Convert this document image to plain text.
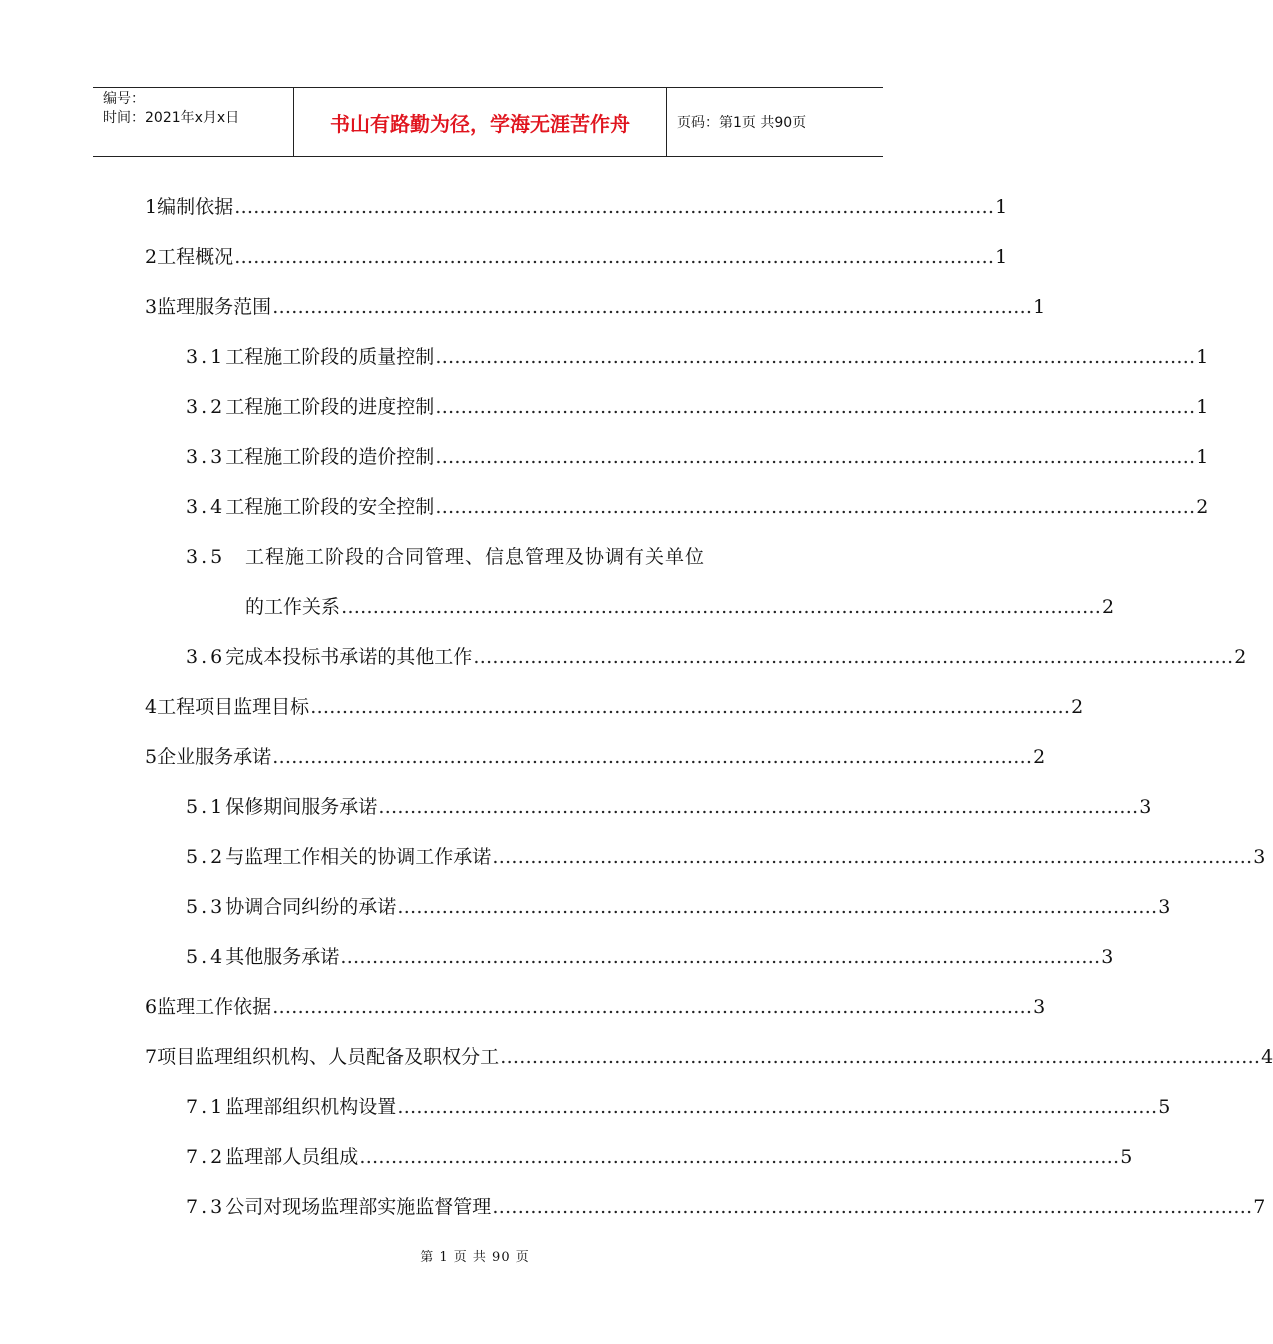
编号：
时间：2021年x月x日	书山有路勤为径，学海无涯苦作舟	页码：第1页 共90页
1 编制依据 ………………………………………………………………………………………………………… 1
2 工程概况 ………………………………………………………………………………………………………… 1
3 监理服务范围 ………………………………………………………………………………………………………… 1
3.1 工程施工阶段的质量控制 ………………………………………………………………………………………………………… 1
3.2 工程施工阶段的进度控制 ………………………………………………………………………………………………………… 1
3.3 工程施工阶段的造价控制 ………………………………………………………………………………………………………… 1
3.4 工程施工阶段的安全控制 ………………………………………………………………………………………………………… 2
3.5	工程施工阶段的合同管理、信息管理及协调有关单位
的工作关系 ………………………………………………………………………………………………………… 2
3.6 完成本投标书承诺的其他工作 ………………………………………………………………………………………………………… 2
4 工程项目监理目标 ………………………………………………………………………………………………………… 2
5 企业服务承诺 ………………………………………………………………………………………………………… 2
5.1 保修期间服务承诺 ………………………………………………………………………………………………………… 3
5.2 与监理工作相关的协调工作承诺 ………………………………………………………………………………………………………… 3
5.3 协调合同纠纷的承诺 ………………………………………………………………………………………………………… 3
5.4 其他服务承诺 ………………………………………………………………………………………………………… 3
6 监理工作依据 ………………………………………………………………………………………………………… 3
7 项目监理组织机构、人员配备及职权分工 ………………………………………………………………………………………………………… 4
7.1 监理部组织机构设置 ………………………………………………………………………………………………………… 5
7.2 监理部人员组成 ………………………………………………………………………………………………………… 5
7.3 公司对现场监理部实施监督管理 ………………………………………………………………………………………………………… 7
第 1 页 共 90 页
